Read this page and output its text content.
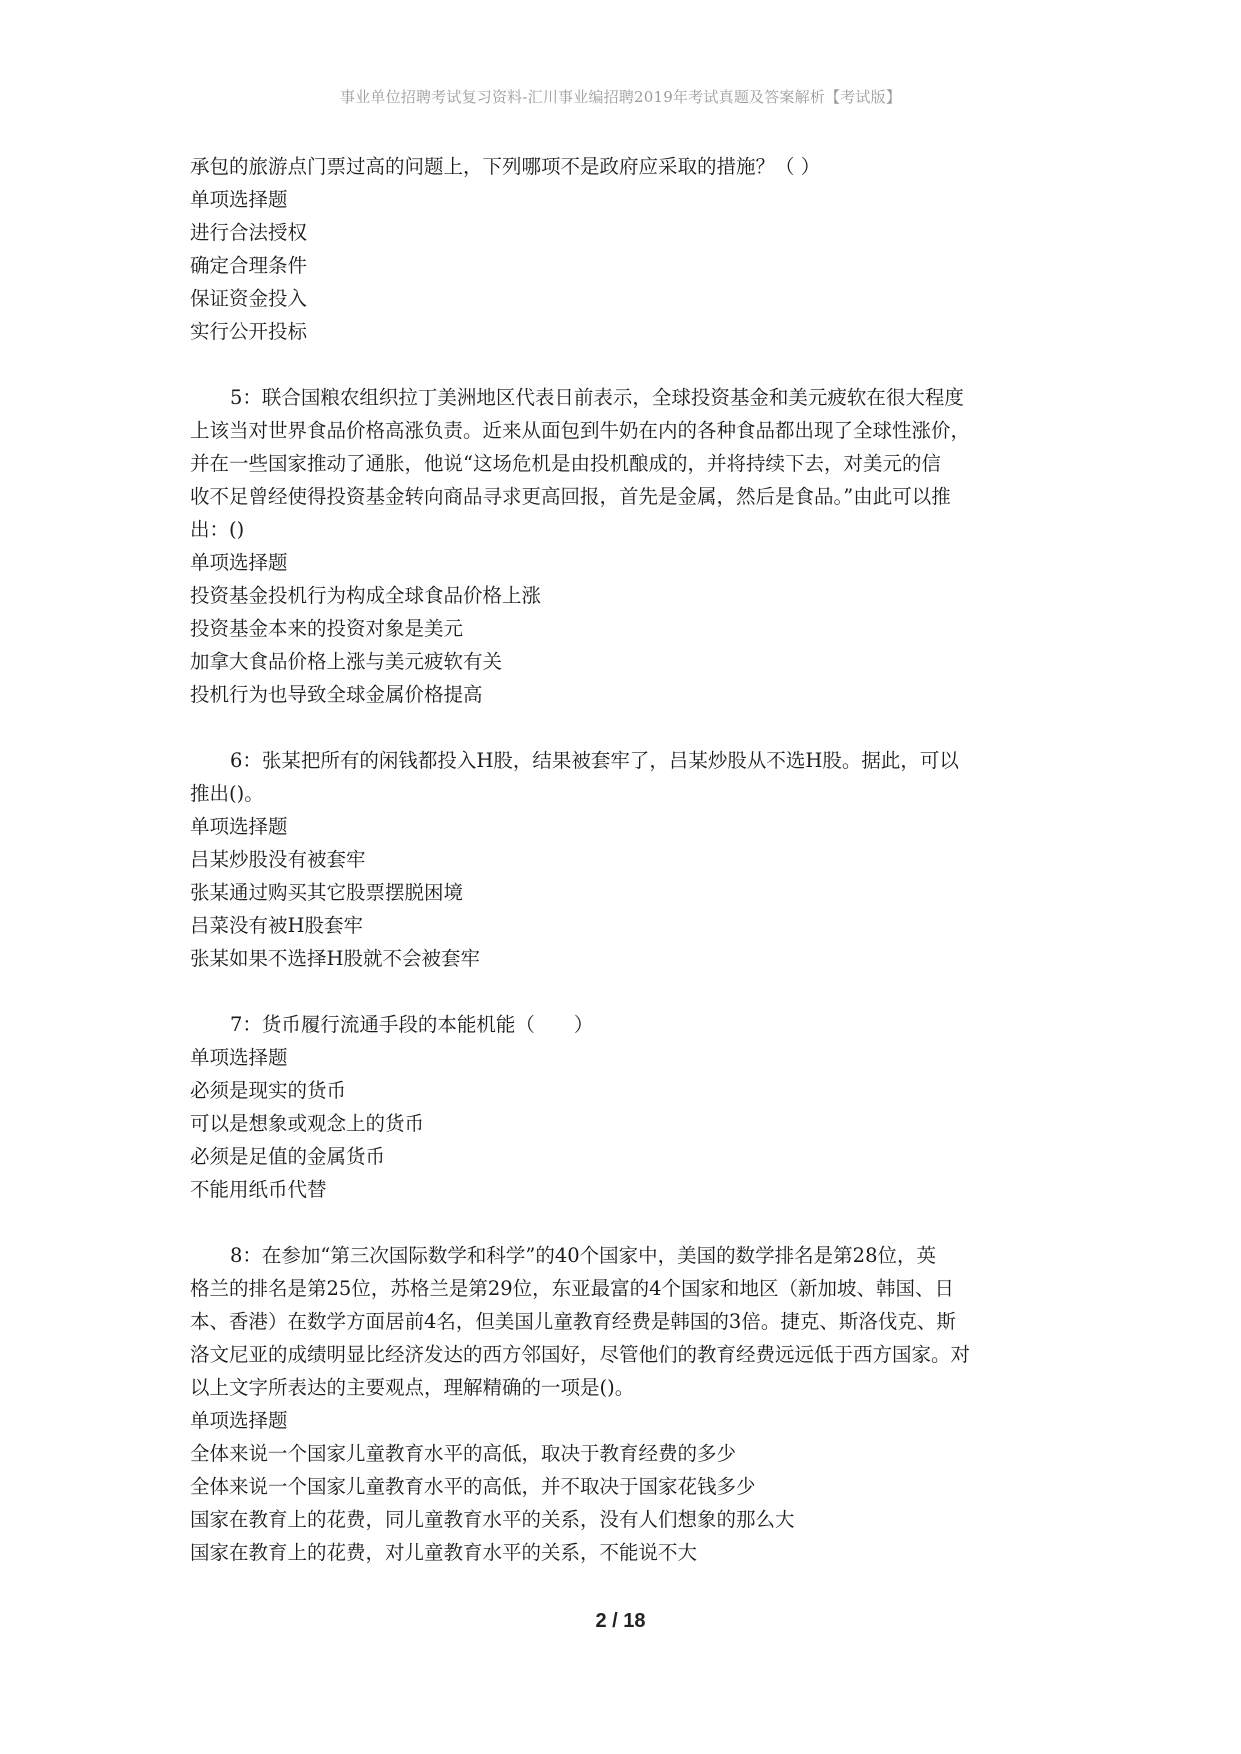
事业单位招聘考试复习资料-汇川事业编招聘2019年考试真题及答案解析【考试版】

承包的旅游点门票过高的问题上，下列哪项不是政府应采取的措施？（ ）

单项选择题

进行合法授权

确定合理条件

保证资金投入

实行公开投标

5：联合国粮农组织拉丁美洲地区代表日前表示，全球投资基金和美元疲软在很大程度

上该当对世界食品价格高涨负责。近来从面包到牛奶在内的各种食品都出现了全球性涨价，

并在一些国家推动了通胀，他说“这场危机是由投机酿成的，并将持续下去，对美元的信

收不足曾经使得投资基金转向商品寻求更高回报，首先是金属，然后是食品。”由此可以推

出：()

单项选择题

投资基金投机行为构成全球食品价格上涨

投资基金本来的投资对象是美元

加拿大食品价格上涨与美元疲软有关

投机行为也导致全球金属价格提高

6：张某把所有的闲钱都投入H股，结果被套牢了，吕某炒股从不选H股。据此，可以

推出()。

单项选择题

吕某炒股没有被套牢

张某通过购买其它股票摆脱困境

吕菜没有被H股套牢

张某如果不选择H股就不会被套牢

7：货币履行流通手段的本能机能（　　）

单项选择题

必须是现实的货币

可以是想象或观念上的货币

必须是足值的金属货币

不能用纸币代替

8：在参加“第三次国际数学和科学”的40个国家中，美国的数学排名是第28位，英

格兰的排名是第25位，苏格兰是第29位，东亚最富的4个国家和地区（新加坡、韩国、日

本、香港）在数学方面居前4名，但美国儿童教育经费是韩国的3倍。捷克、斯洛伐克、斯

洛文尼亚的成绩明显比经济发达的西方邻国好，尽管他们的教育经费远远低于西方国家。对

以上文字所表达的主要观点，理解精确的一项是()。

单项选择题

全体来说一个国家儿童教育水平的高低，取决于教育经费的多少

全体来说一个国家儿童教育水平的高低，并不取决于国家花钱多少

国家在教育上的花费，同儿童教育水平的关系，没有人们想象的那么大

国家在教育上的花费，对儿童教育水平的关系，不能说不大

2 / 18
